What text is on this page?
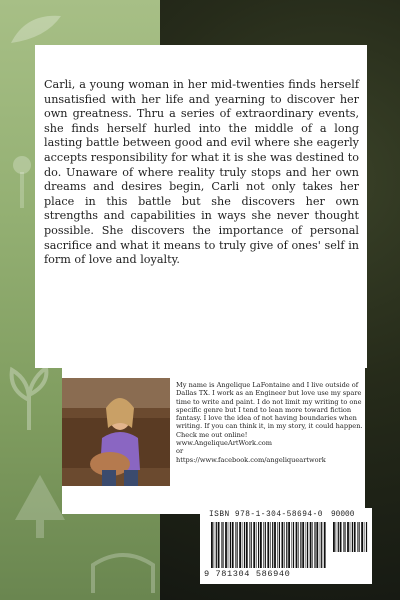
Carli, a young woman in her mid-twenties finds herself unsatisfied with her life and yearning to discover her own greatness. Thru a series of extraordinary events, she finds herself hurled into the middle of a long lasting battle between good and evil where she eagerly accepts responsibility for what it is she was destined to do. Unaware of where reality truly stops and her own dreams and desires begin, Carli not only takes her place in this battle but she discovers her own strengths and capabilities in ways she never thought possible. She discovers the importance of personal sacrifice and what it means to truly give of ones' self in form of love and loyalty.
My name is Angelique LaFontaine and I live outside of Dallas TX. I work as an Engineer but love use my spare time to write and paint. I do not limit my writing to one specific genre but I tend to lean more toward fiction fantasy. I love the idea of not having boundaries when writing. If you can think it, in my story, it could happen. Check me out online!
www.AngeliqueArtWork.com
or
https://www.facebook.com/angeliqueartwork
ISBN 978-1-304-58694-0 90000
9 781304 586940
